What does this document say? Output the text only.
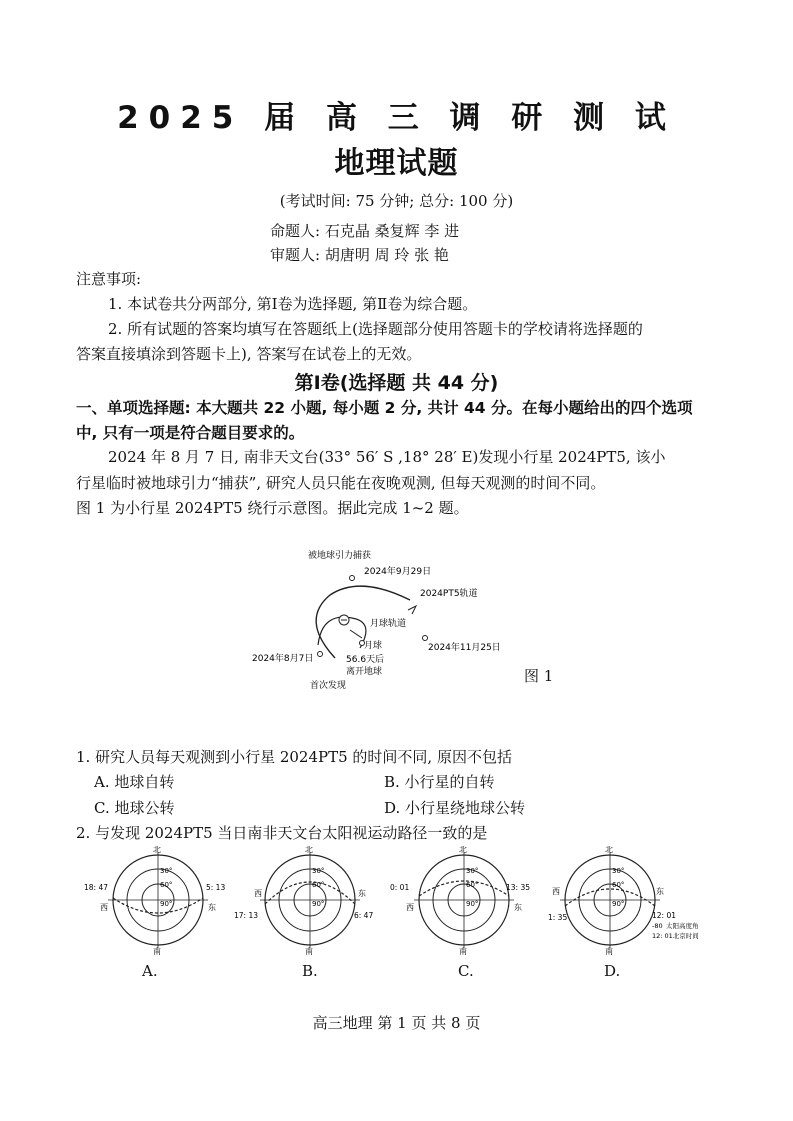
2025 届 高 三 调 研 测 试
地理试题
(考试时间: 75 分钟; 总分: 100 分)
命题人: 石克晶 桑复辉 李 进
审题人: 胡唐明 周 玲 张 艳
注意事项:
1. 本试卷共分两部分, 第Ⅰ卷为选择题, 第Ⅱ卷为综合题。
2. 所有试题的答案均填写在答题纸上(选择题部分使用答题卡的学校请将选择题的
答案直接填涂到答题卡上), 答案写在试卷上的无效。
第Ⅰ卷(选择题 共 44 分)
一、单项选择题: 本大题共 22 小题, 每小题 2 分, 共计 44 分。在每小题给出的四个选项
中, 只有一项是符合题目要求的。
2024 年 8 月 7 日, 南非天文台(33° 56′ S ,18° 28′ E)发现小行星 2024PT5, 该小
行星临时被地球引力“捕获”, 研究人员只能在夜晚观测, 但每天观测的时间不同。
图 1 为小行星 2024PT5 绕行示意图。据此完成 1~2 题。
被地球引力捕获
2024年9月29日
2024PT5轨道
月球轨道
月球	2024年11月25日
2024年8月7日	56.6天后
离开地球
首次发现
图 1
1. 研究人员每天观测到小行星 2024PT5 的时间不同, 原因不包括
A. 地球自转	B. 小行星的自转
C. 地球公转	D. 小行星绕地球公转
2. 与发现 2024PT5 当日南非天文台太阳视运动路径一致的是
北
南
西	东
30°
60°
90°
18: 47	5: 13
A.
北
南
西	东
30°
60°
90°
17: 13	6: 47
B.
北
南
西	东
30°
60°
90°
0: 01	13: 35
C.
北
南
西	东
30°
60°
90°
1: 35	12: 01
-80 太阳高度角
12: 01北京时间
D.
高三地理 第 1 页 共 8 页
